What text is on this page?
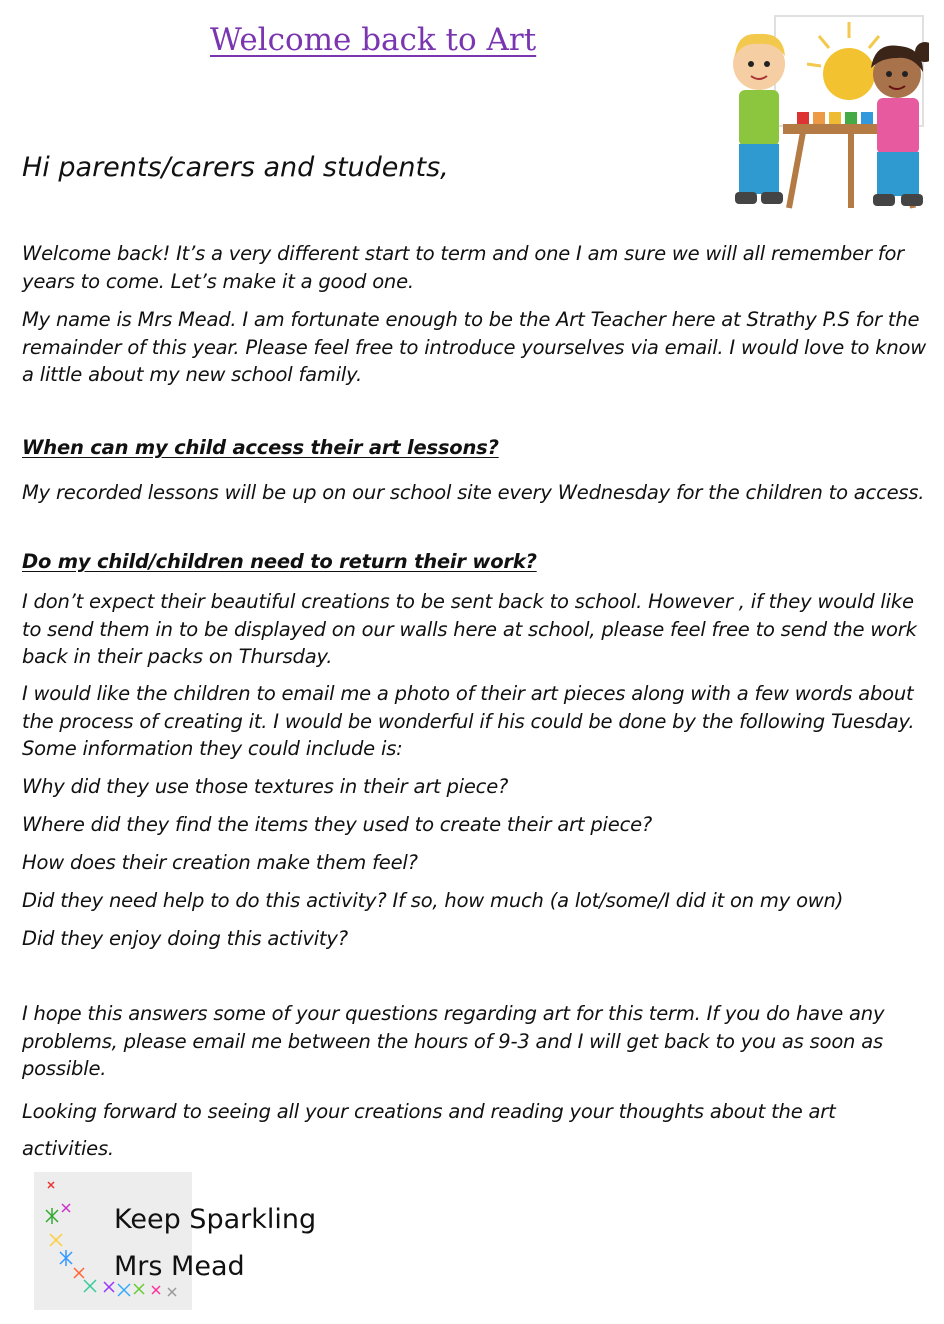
Welcome back to Art
Hi parents/carers and students,
Welcome back! It’s a very different start to term and one I am sure we will all remember for years to come. Let’s make it a good one.
My name is Mrs Mead. I am fortunate enough to be the Art Teacher here at Strathy P.S for the remainder of this year. Please feel free to introduce yourselves via email. I would love to know a little about my new school family.
When can my child access their art lessons?
My recorded lessons will be up on our school site every Wednesday for the children to access.
Do my child/children need to return their work?
I don’t expect their beautiful creations to be sent back to school. However , if they would like to send them in to be displayed on our walls here at school, please feel free to send the work back in their packs on Thursday.
I would like the children to email me a photo of their art pieces along with a few words about the process of creating it. I would be wonderful if his could be done by the following Tuesday. Some information they could include is:
Why did they use those textures in their art piece?
Where did they find the items they used to create their art piece?
How does their creation make them feel?
Did they need help to do this activity? If so, how much (a lot/some/I did it on my own)
Did they enjoy doing this activity?
I hope this answers some of your questions regarding art for this term. If you do have any problems, please email me between the hours of 9-3 and I will get back to you as soon as possible.
Looking forward to seeing all your creations and reading your thoughts about the art activities.
Keep Sparkling
Mrs Mead
